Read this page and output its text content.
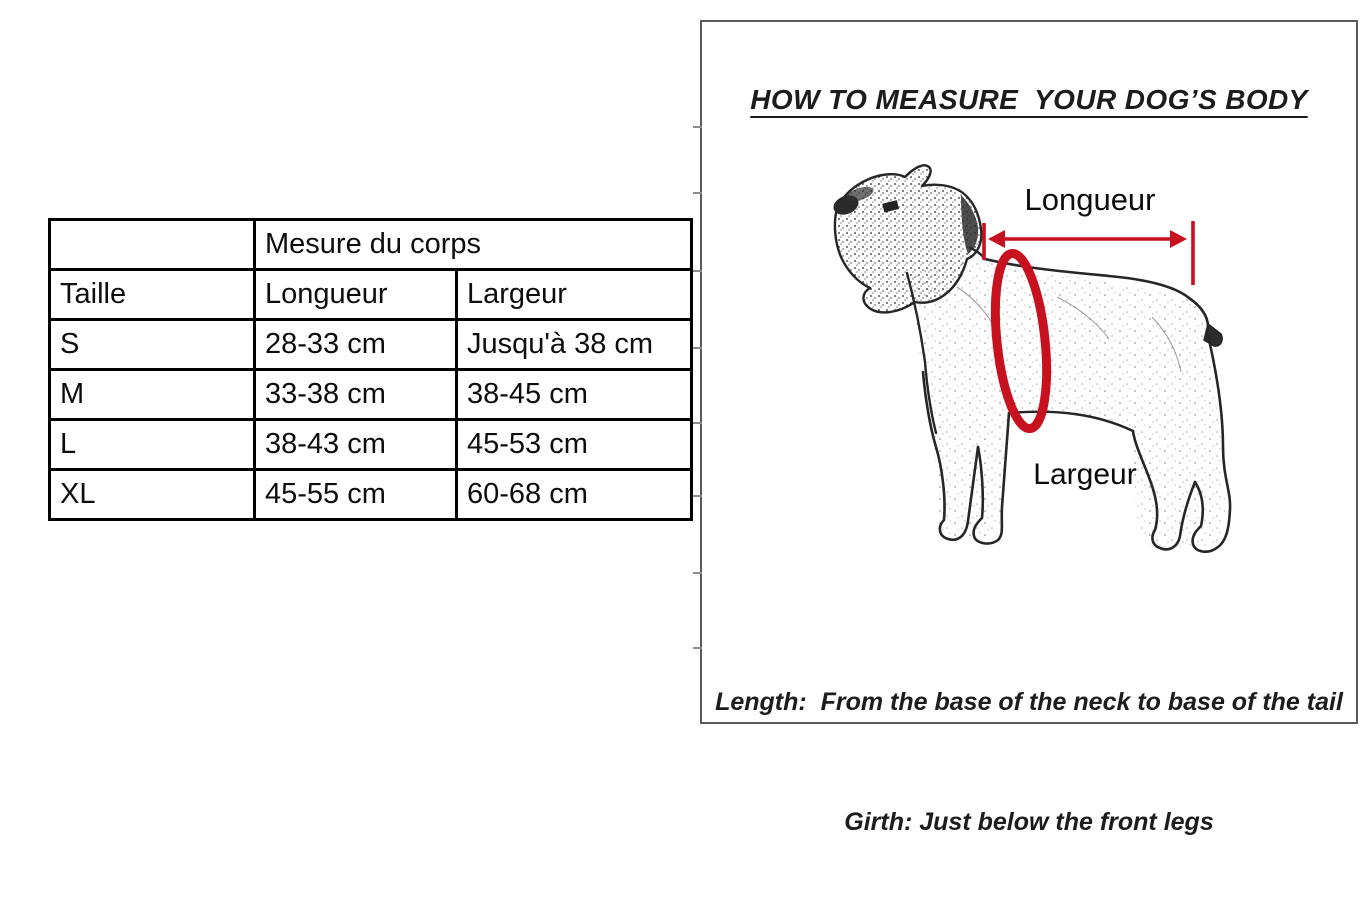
	Mesure du corps	
Taille	Longueur	Largeur
S	28-33 cm	Jusqu'à 38 cm
M	33-38 cm	38-45 cm
L	38-43 cm	45-53 cm
XL	45-55 cm	60-68 cm
HOW TO MEASURE  YOUR DOG’S BODY
Longueur
Largeur

Length:  From the base of the neck to base of the tail

Girth: Just below the front legs
